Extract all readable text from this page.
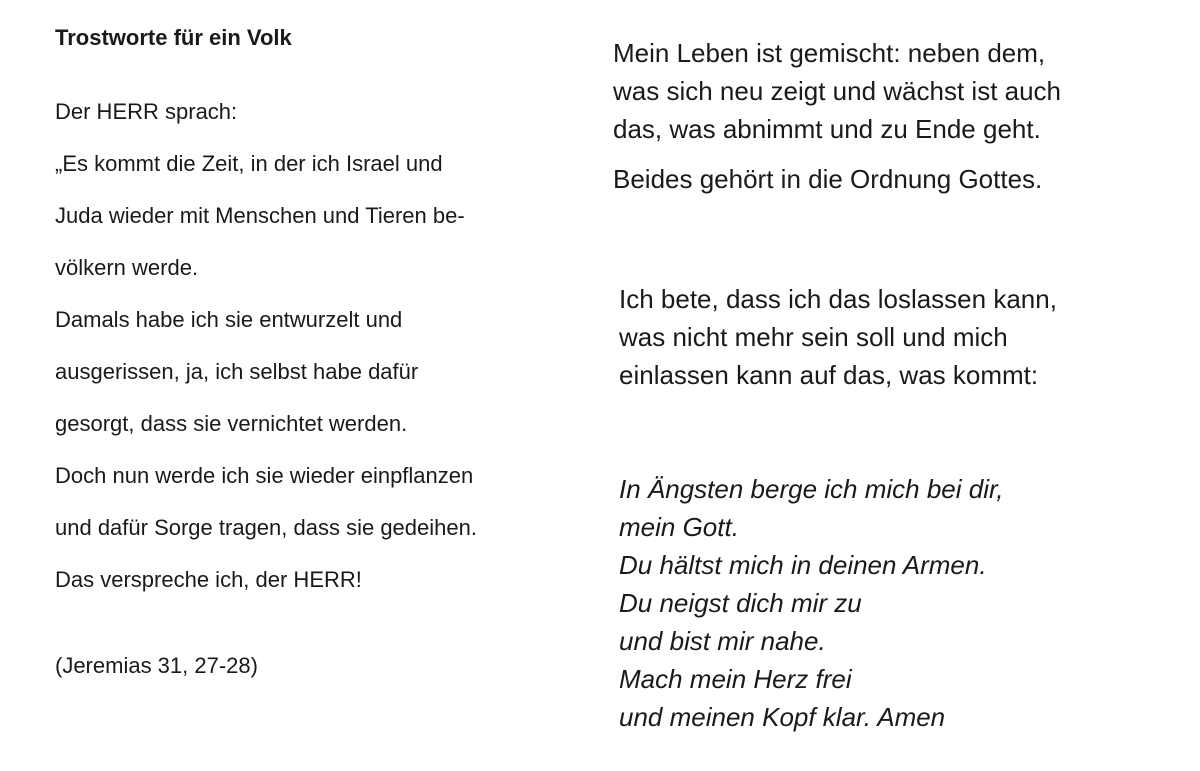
Trostworte für ein Volk
Der HERR sprach:
„Es kommt die Zeit, in der ich Israel und
Juda wieder mit Menschen und Tieren be-
völkern werde.
Damals habe ich sie entwurzelt und
ausgerissen, ja, ich selbst habe dafür
gesorgt, dass sie vernichtet werden.
Doch nun werde ich sie wieder einpflanzen
und dafür Sorge tragen, dass sie gedeihen.
Das verspreche ich, der HERR!
(Jeremias 31, 27-28)
Mein Leben ist gemischt: neben dem,
was sich neu zeigt und wächst ist auch
das, was abnimmt und zu Ende geht.
Beides gehört in die Ordnung Gottes.
Ich bete, dass ich das loslassen kann,
was nicht mehr sein soll und mich
einlassen kann auf das, was kommt:
In Ängsten berge ich mich bei dir,
mein Gott.
Du hältst mich in deinen Armen.
Du neigst dich mir zu
und bist mir nahe.
Mach mein Herz frei
und meinen Kopf klar. Amen
